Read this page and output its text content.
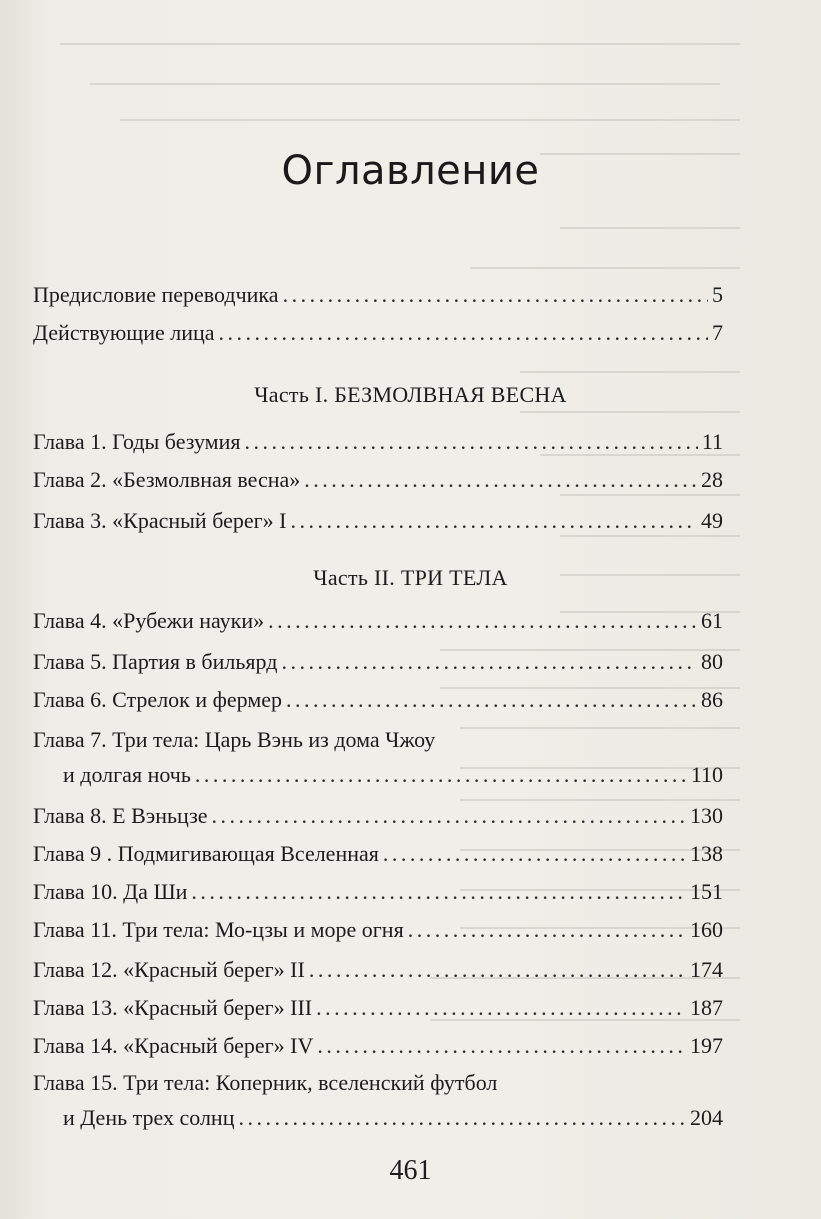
Оглавление
Предисловие переводчика . . .	5
Действующие лица . . .	7
Часть I. БЕЗМОЛВНАЯ ВЕСНА
Глава 1. Годы безумия . . .	11
Глава 2. «Безмолвная весна» . . .	28
Глава 3. «Красный берег» I . . .	49
Часть II. ТРИ ТЕЛА
Глава 4. «Рубежи науки» . . .	61
Глава 5. Партия в бильярд . . .	80
Глава 6. Стрелок и фермер . . .	86
Глава 7. Три тела: Царь Вэнь из дома Чжоу
и долгая ночь . . .	110
Глава 8. Е Вэньцзе . . .	130
Глава 9 . Подмигивающая Вселенная . . .	138
Глава 10. Да Ши . . .	151
Глава 11. Три тела: Мо-цзы и море огня . . .	160
Глава 12. «Красный берег» II . . .	174
Глава 13. «Красный берег» III . . .	187
Глава 14. «Красный берег» IV . . .	197
Глава 15. Три тела: Коперник, вселенский футбол
и День трех солнц . . .	204
461
